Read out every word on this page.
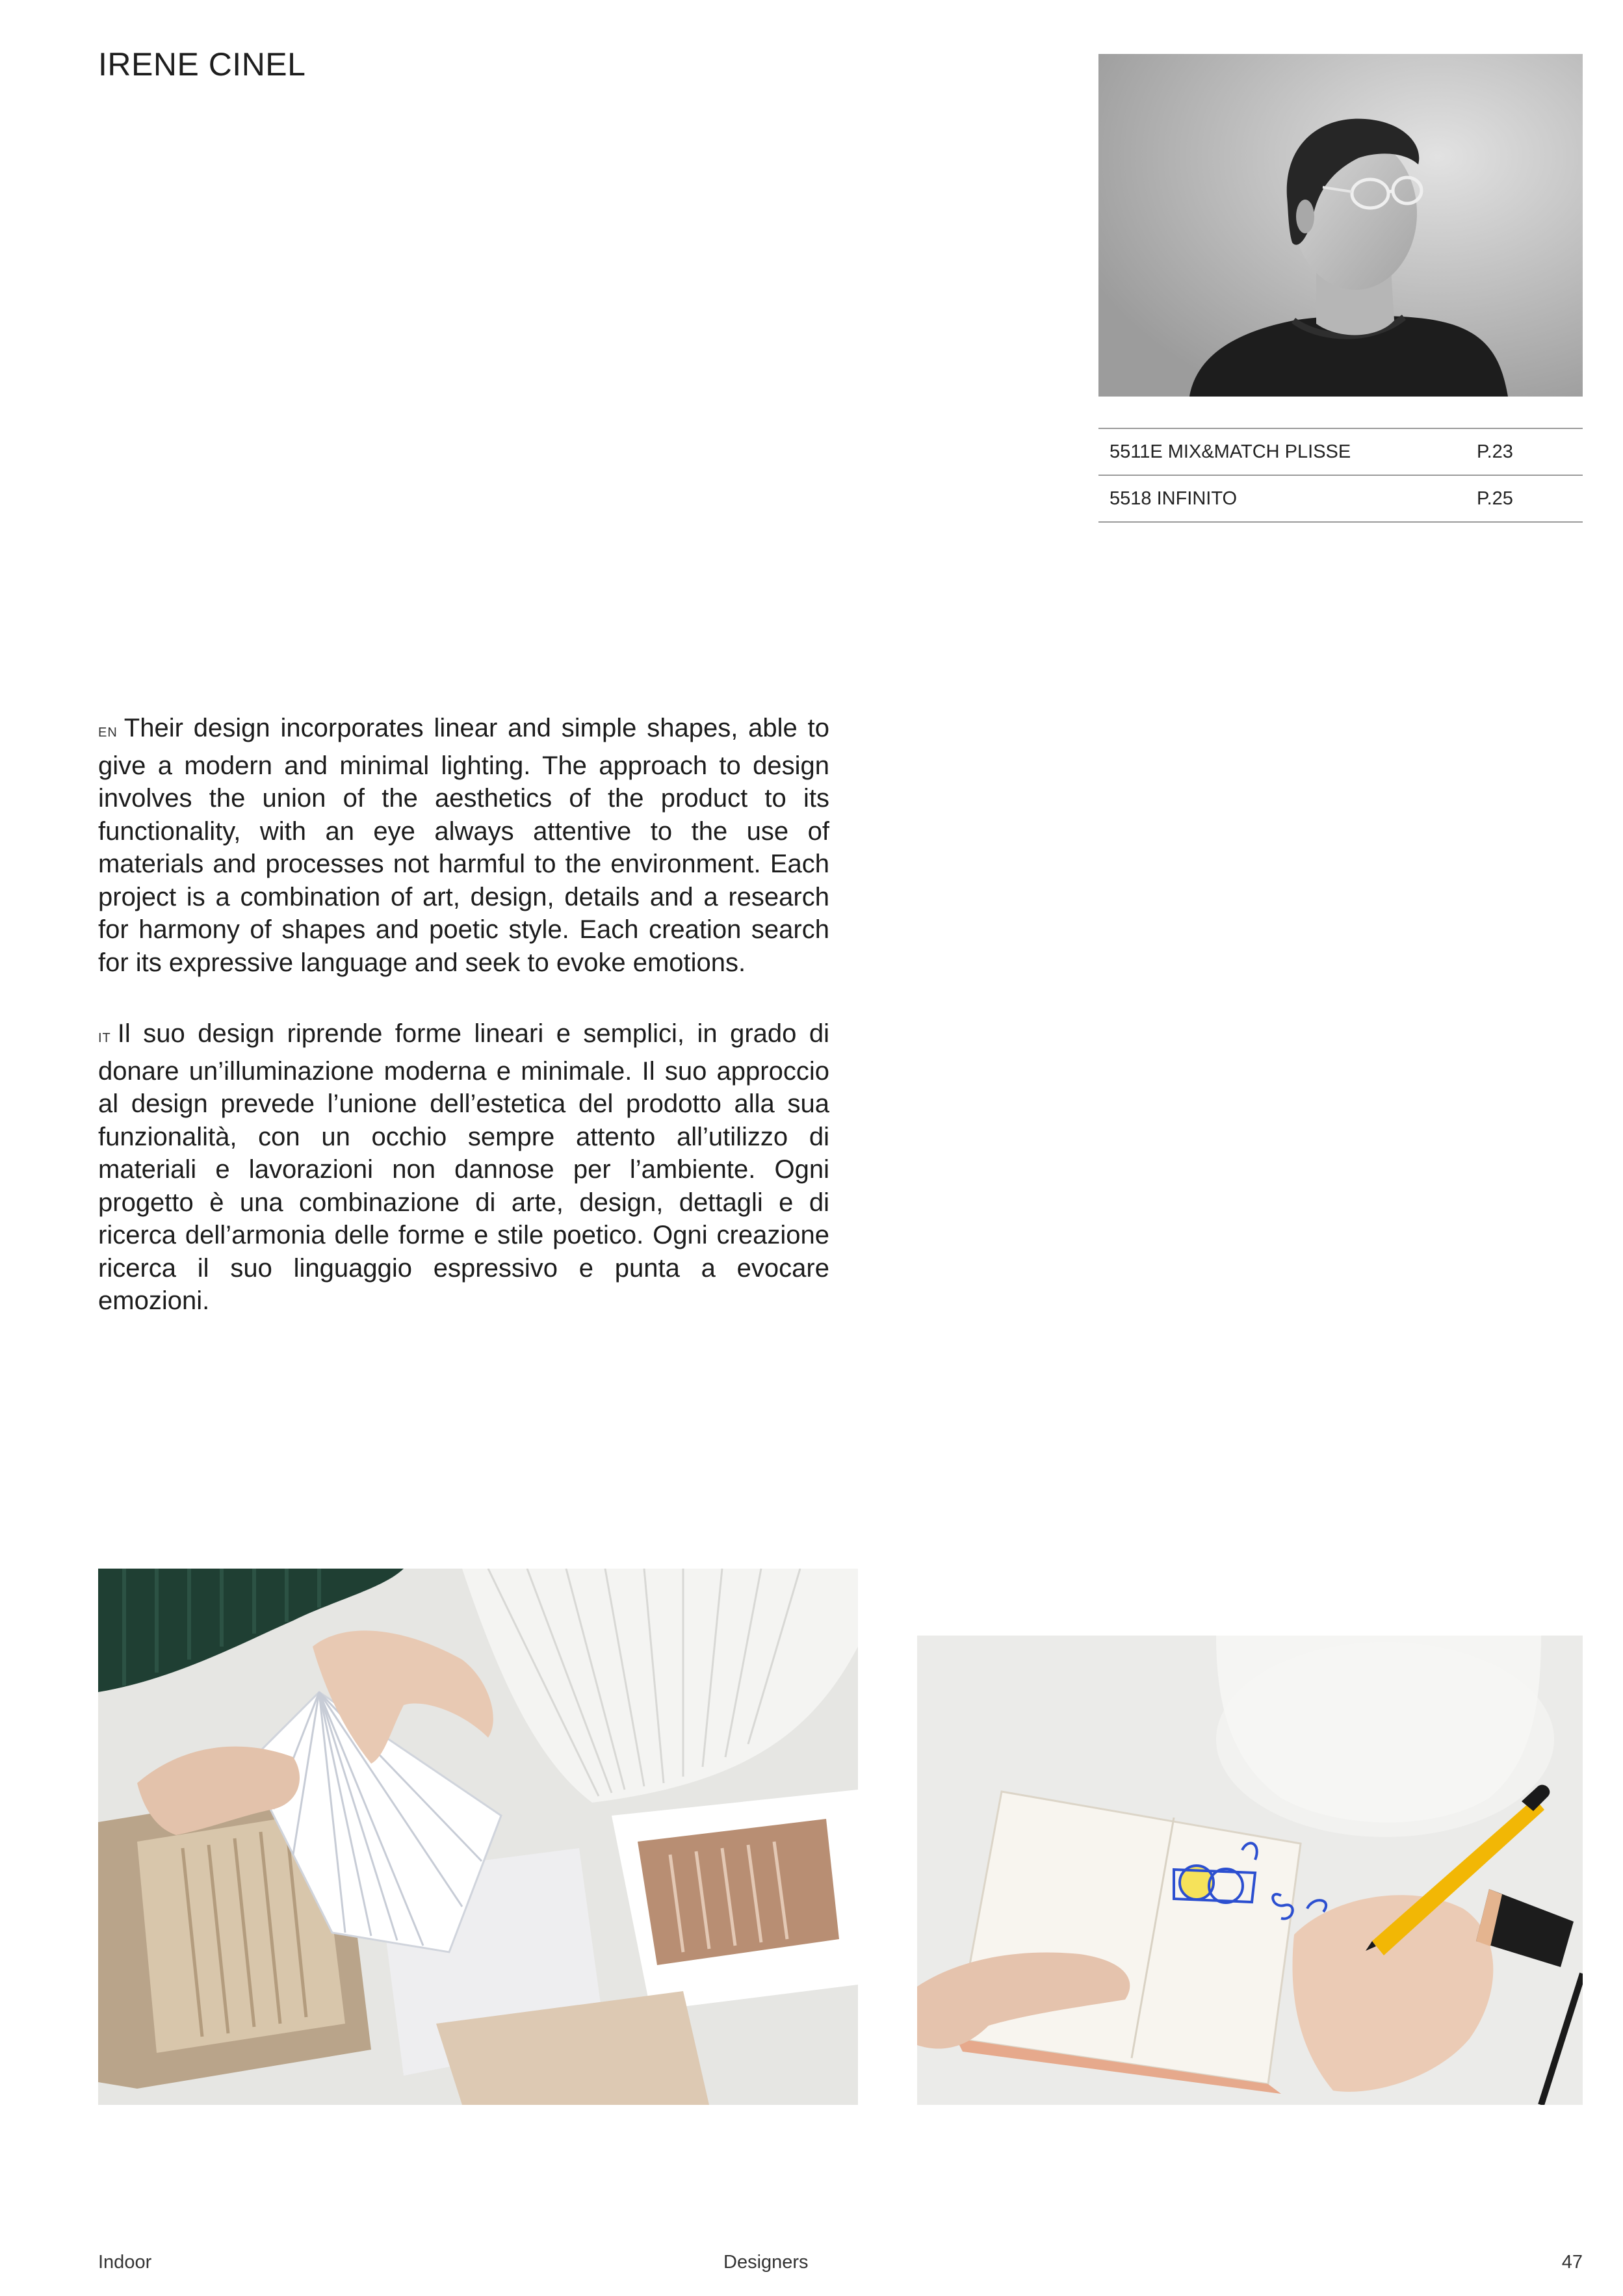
IRENE CINEL
5511E MIX&MATCH PLISSE	P.23
5518 INFINITO	P.25

EN Their design incorporates linear and simple shapes, able to give a modern and minimal lighting. The approach to design involves the union of the aesthetics of the product to its functionality, with an eye always attentive to the use of materials and processes not harmful to the environment. Each project is a combination of art, design, details and a research for harmony of shapes and poetic style. Each creation search for its expressive language and seek to evoke emotions.

IT Il suo design riprende forme lineari e semplici, in grado di donare un’illuminazione moderna e minimale. Il suo approccio al design prevede l’unione dell’estetica del prodotto alla sua funzionalità, con un occhio sempre attento all’utilizzo di materiali e lavorazioni non dannose per l’ambiente. Ogni progetto è una combinazione di arte, design, dettagli e di ricerca dell’armonia delle forme e stile poetico. Ogni creazione ricerca il suo linguaggio espressivo e punta a evocare emozioni.

Indoor	Designers	47
